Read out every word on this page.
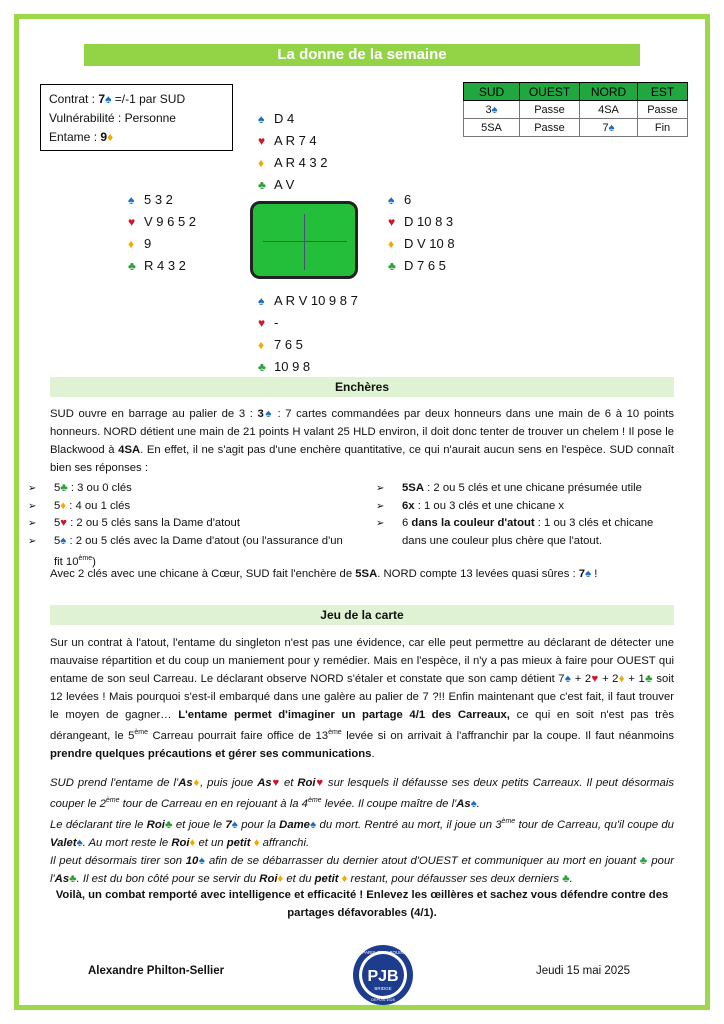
La donne de la semaine
Contrat : 7♠ =/-1 par SUD
Vulnérabilité : Personne
Entame : 9♦
SUD	OUEST	NORD	EST
3♠	Passe	4SA	Passe
5SA	Passe	7♠	Fin
♠ D 4
♥ A R 7 4
♦ A R 4 3 2
♣ A V
♠ 5 3 2
♥ V 9 6 5 2
♦ 9
♣ R 4 3 2
♠ 6
♥ D 10 8 3
♦ D V 10 8
♣ D 7 6 5
♠ A R V 10 9 8 7
♥ -
♦ 7 6 5
♣ 10 9 8
Enchères
SUD ouvre en barrage au palier de 3 : 3♠ : 7 cartes commandées par deux honneurs dans une main de 6 à 10 points honneurs. NORD détient une main de 21 points H valant 25 HLD environ, il doit donc tenter de trouver un chelem ! Il pose le Blackwood à 4SA. En effet, il ne s'agit pas d'une enchère quantitative, ce qui n'aurait aucun sens en l'espèce. SUD connaît bien ses réponses :
➢ 5♣ : 3 ou 0 clés
➢ 5♦ : 4 ou 1 clés
➢ 5♥ : 2 ou 5 clés sans la Dame d'atout
➢ 5♠ : 2 ou 5 clés avec la Dame d'atout (ou l'assurance d'un fit 10ème)
➢ 5SA : 2 ou 5 clés et une chicane présumée utile
➢ 6x : 1 ou 3 clés et une chicane x
➢ 6 dans la couleur d'atout : 1 ou 3 clés et chicane dans une couleur plus chère que l'atout.
Avec 2 clés avec une chicane à Cœur, SUD fait l'enchère de 5SA. NORD compte 13 levées quasi sûres : 7♠ !
Jeu de la carte
Sur un contrat à l'atout, l'entame du singleton n'est pas une évidence, car elle peut permettre au déclarant de détecter une mauvaise répartition et du coup un maniement pour y remédier. Mais en l'espèce, il n'y a pas mieux à faire pour OUEST qui entame de son seul Carreau. Le déclarant observe NORD s'étaler et constate que son camp détient 7♠ + 2♥ + 2♦ + 1♣ soit 12 levées ! Mais pourquoi s'est-il embarqué dans une galère au palier de 7 ?!! Enfin maintenant que c'est fait, il faut trouver le moyen de gagner… L'entame permet d'imaginer un partage 4/1 des Carreaux, ce qui en soit n'est pas très dérangeant, le 5ème Carreau pourrait faire office de 13ème levée si on arrivait à l'affranchir par la coupe. Il faut néanmoins prendre quelques précautions et gérer ses communications.
SUD prend l'entame de l'As♦, puis joue As♥ et Roi♥ sur lesquels il défausse ses deux petits Carreaux. Il peut désormais couper le 2ème tour de Carreau en en rejouant à la 4ème levée. Il coupe maître de l'As♠.
Le déclarant tire le Roi♣ et joue le 7♠ pour la Dame♠ du mort. Rentré au mort, il joue un 3ème tour de Carreau, qu'il coupe du Valet♠. Au mort reste le Roi♦ et un petit ♦ affranchi.
Il peut désormais tirer son 10♠ afin de se débarrasser du dernier atout d'OUEST et communiquer au mort en jouant ♣ pour l'As♣. Il est du bon côté pour se servir du Roi♦ et du petit ♦ restant, pour défausser ses deux derniers ♣.
Voilà, un combat remporté avec intelligence et efficacité ! Enlevez les œillères et sachez vous défendre contre des partages défavorables (4/1).
Alexandre Philton-Sellier	PJB
PARIS JEAN BOUIN
BRIDGE
DEPUIS 1925
Jeudi 15 mai 2025
